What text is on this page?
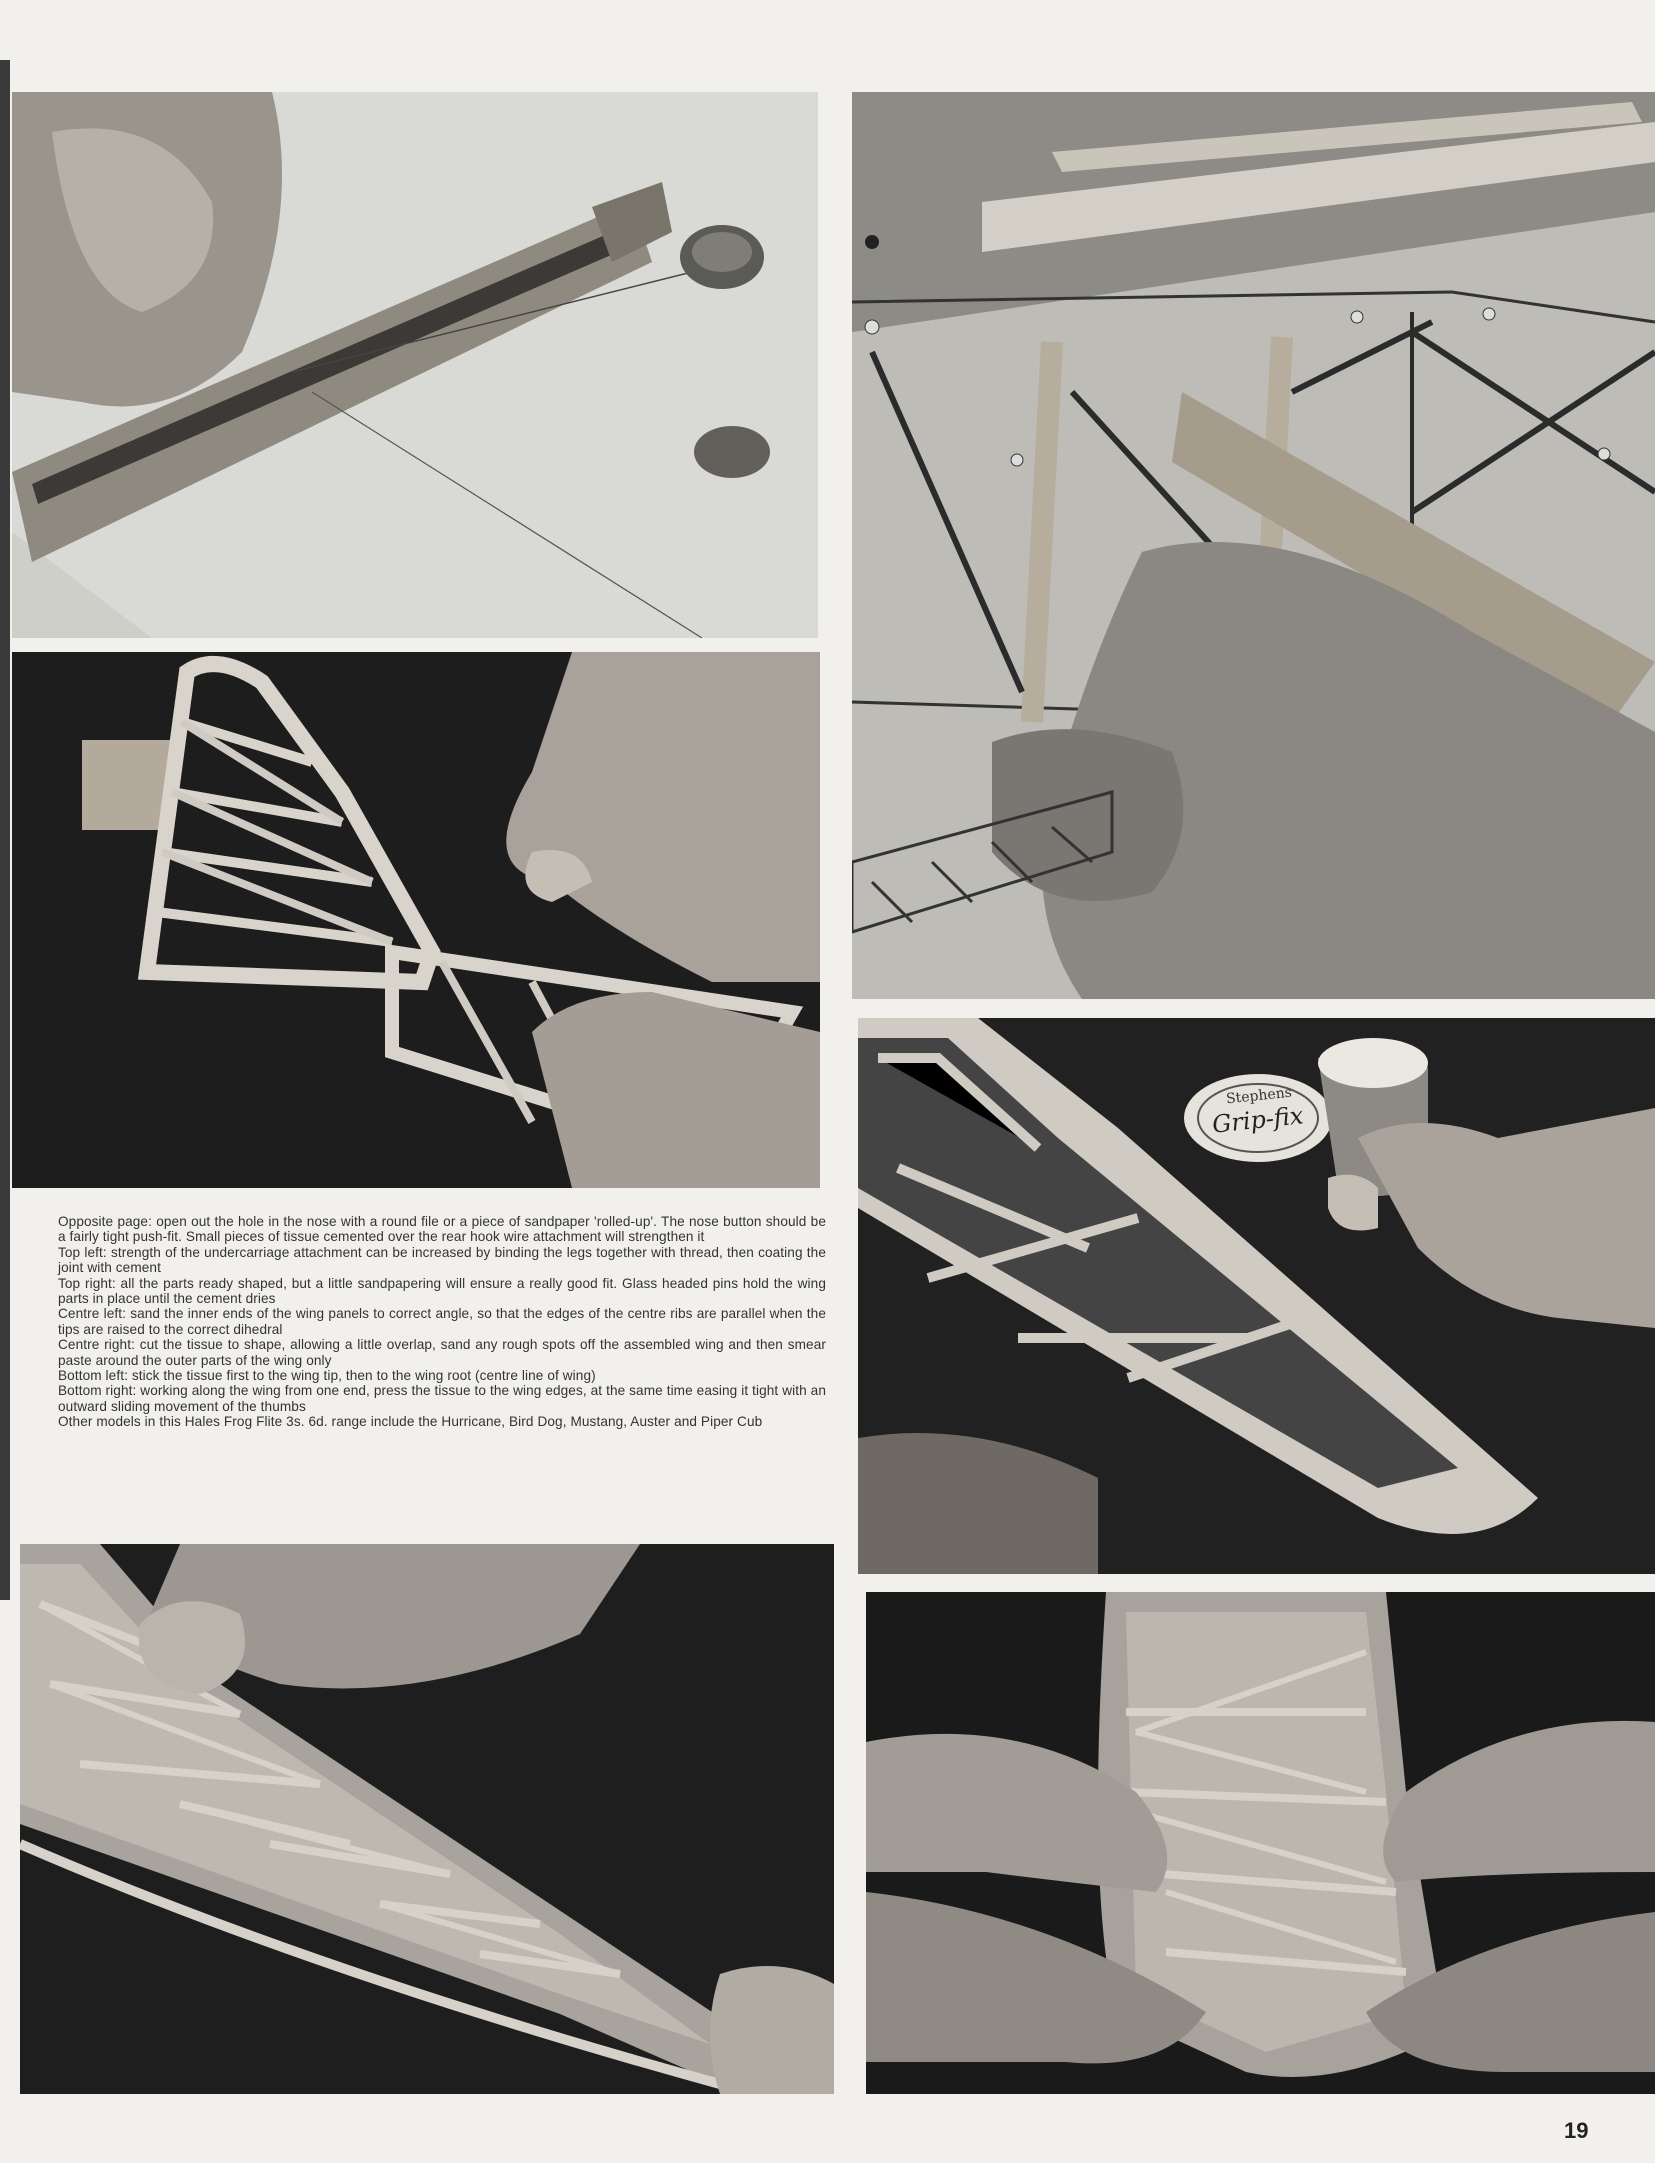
Stephens
Grip-fix

Opposite page: open out the hole in the nose with a round file or a piece of sandpaper 'rolled-up'. The nose button should be a fairly tight push-fit. Small pieces of tissue cemented over the rear hook wire attachment will strengthen it

Top left: strength of the undercarriage attachment can be increased by binding the legs together with thread, then coating the joint with cement

Top right: all the parts ready shaped, but a little sandpapering will ensure a really good fit. Glass headed pins hold the wing parts in place until the cement dries

Centre left: sand the inner ends of the wing panels to correct angle, so that the edges of the centre ribs are parallel when the tips are raised to the correct dihedral

Centre right: cut the tissue to shape, allowing a little overlap, sand any rough spots off the assembled wing and then smear paste around the outer parts of the wing only

Bottom left: stick the tissue first to the wing tip, then to the wing root (centre line of wing)

Bottom right: working along the wing from one end, press the tissue to the wing edges, at the same time easing it tight with an outward sliding movement of the thumbs

Other models in this Hales Frog Flite 3s. 6d. range include the Hurricane, Bird Dog, Mustang, Auster and Piper Cub

19
